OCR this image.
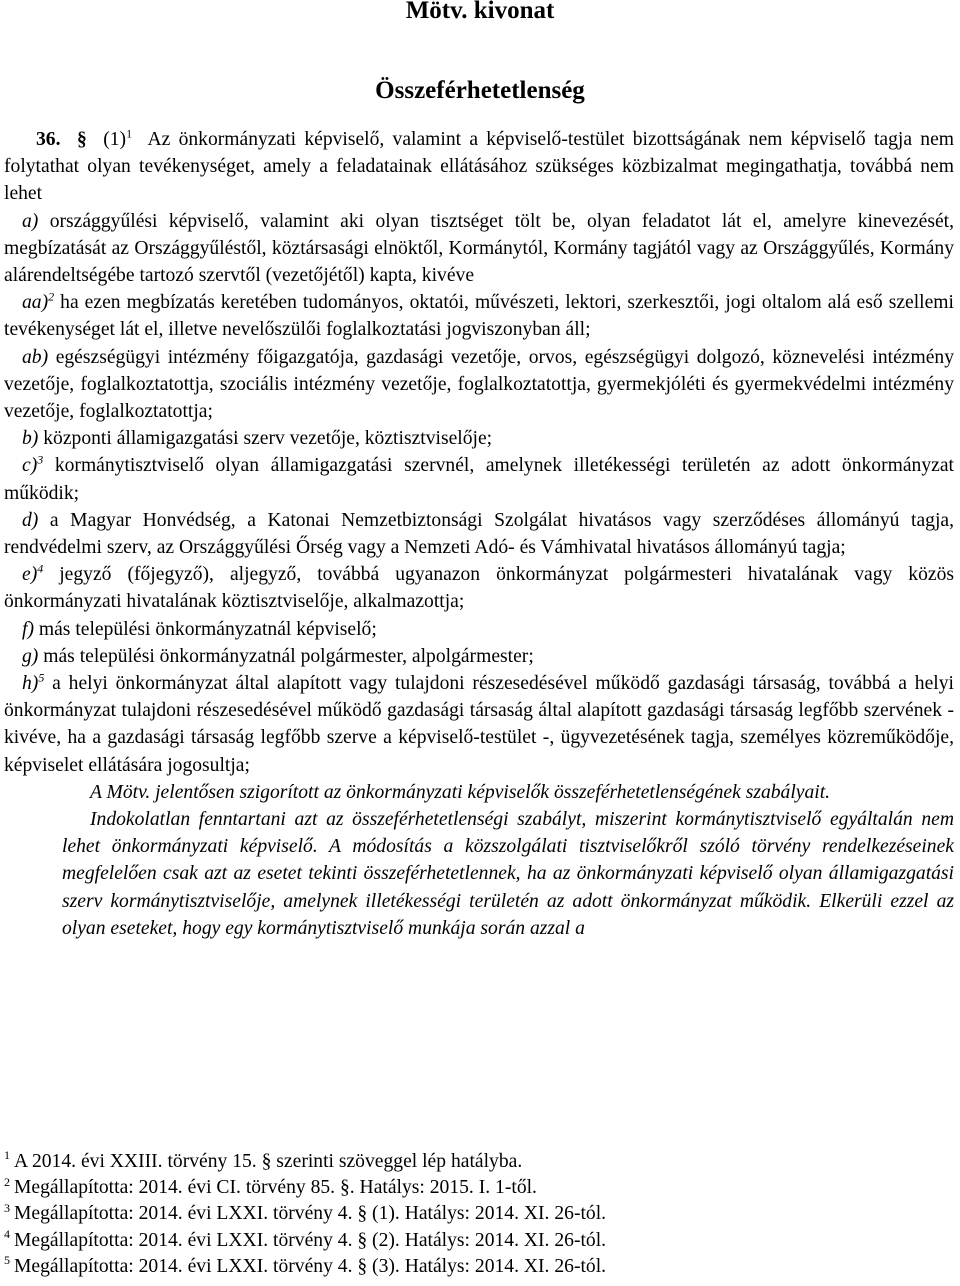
Mötv. kivonat
Összeférhetetlenség

36. § $(1)^1$ Az önkormányzati képviselő, valamint a képviselő-testület bizottságának nem képviselő tagja nem folytathat olyan tevékenységet, amely a feladatainak ellátásához szükséges közbizalmat megingathatja, továbbá nem lehet

a) országgyűlési képviselő, valamint aki olyan tisztséget tölt be, olyan feladatot lát el, amelyre kinevezését, megbízatását az Országgyűléstől, köztársasági elnöktől, Kormánytól, Kormány tagjától vagy az Országgyűlés, Kormány alárendeltségébe tartozó szervtől (vezetőjétől) kapta, kivéve

aa)$^2$ ha ezen megbízatás keretében tudományos, oktatói, művészeti, lektori, szerkesztői, jogi oltalom alá eső szellemi tevékenységet lát el, illetve nevelőszülői foglalkoztatási jogviszonyban áll;

ab) egészségügyi intézmény főigazgatója, gazdasági vezetője, orvos, egészségügyi dolgozó, köznevelési intézmény vezetője, foglalkoztatottja, szociális intézmény vezetője, foglalkoztatottja, gyermekjóléti és gyermekvédelmi intézmény vezetője, foglalkoztatottja;

b) központi államigazgatási szerv vezetője, köztisztviselője;

c)$^3$ kormánytisztviselő olyan államigazgatási szervnél, amelynek illetékességi területén az adott önkormányzat működik;

d) a Magyar Honvédség, a Katonai Nemzetbiztonsági Szolgálat hivatásos vagy szerződéses állományú tagja, rendvédelmi szerv, az Országgyűlési Őrség vagy a Nemzeti Adó- és Vámhivatal hivatásos állományú tagja;

e)$^4$ jegyző (főjegyző), aljegyző, továbbá ugyanazon önkormányzat polgármesteri hivatalának vagy közös önkormányzati hivatalának köztisztviselője, alkalmazottja;

f) más települési önkormányzatnál képviselő;

g) más települési önkormányzatnál polgármester, alpolgármester;

h)$^5$ a helyi önkormányzat által alapított vagy tulajdoni részesedésével működő gazdasági társaság, továbbá a helyi önkormányzat tulajdoni részesedésével működő gazdasági társaság által alapított gazdasági társaság legfőbb szervének - kivéve, ha a gazdasági társaság legfőbb szerve a képviselő-testület -, ügyvezetésének tagja, személyes közreműködője, képviselet ellátására jogosultja;

A Mötv. jelentősen szigorított az önkormányzati képviselők összeférhetetlenségének szabályait.

Indokolatlan fenntartani azt az összeférhetetlenségi szabályt, miszerint kormánytisztviselő egyáltalán nem lehet önkormányzati képviselő. A módosítás a közszolgálati tisztviselőkről szóló törvény rendelkezéseinek megfelelően csak azt az esetet tekinti összeférhetetlennek, ha az önkormányzati képviselő olyan államigazgatási szerv kormánytisztviselője, amelynek illetékességi területén az adott önkormányzat működik. Elkerüli ezzel az olyan eseteket, hogy egy kormánytisztviselő munkája során azzal a

$^1$ A 2014. évi XXIII. törvény 15. § szerinti szöveggel lép hatályba.

$^2$ Megállapította: 2014. évi CI. törvény 85. §. Hatálys: 2015. I. 1-től.

$^3$ Megállapította: 2014. évi LXXI. törvény 4. § (1). Hatálys: 2014. XI. 26-tól.

$^4$ Megállapította: 2014. évi LXXI. törvény 4. § (2). Hatálys: 2014. XI. 26-tól.

$^5$ Megállapította: 2014. évi LXXI. törvény 4. § (3). Hatálys: 2014. XI. 26-tól.
